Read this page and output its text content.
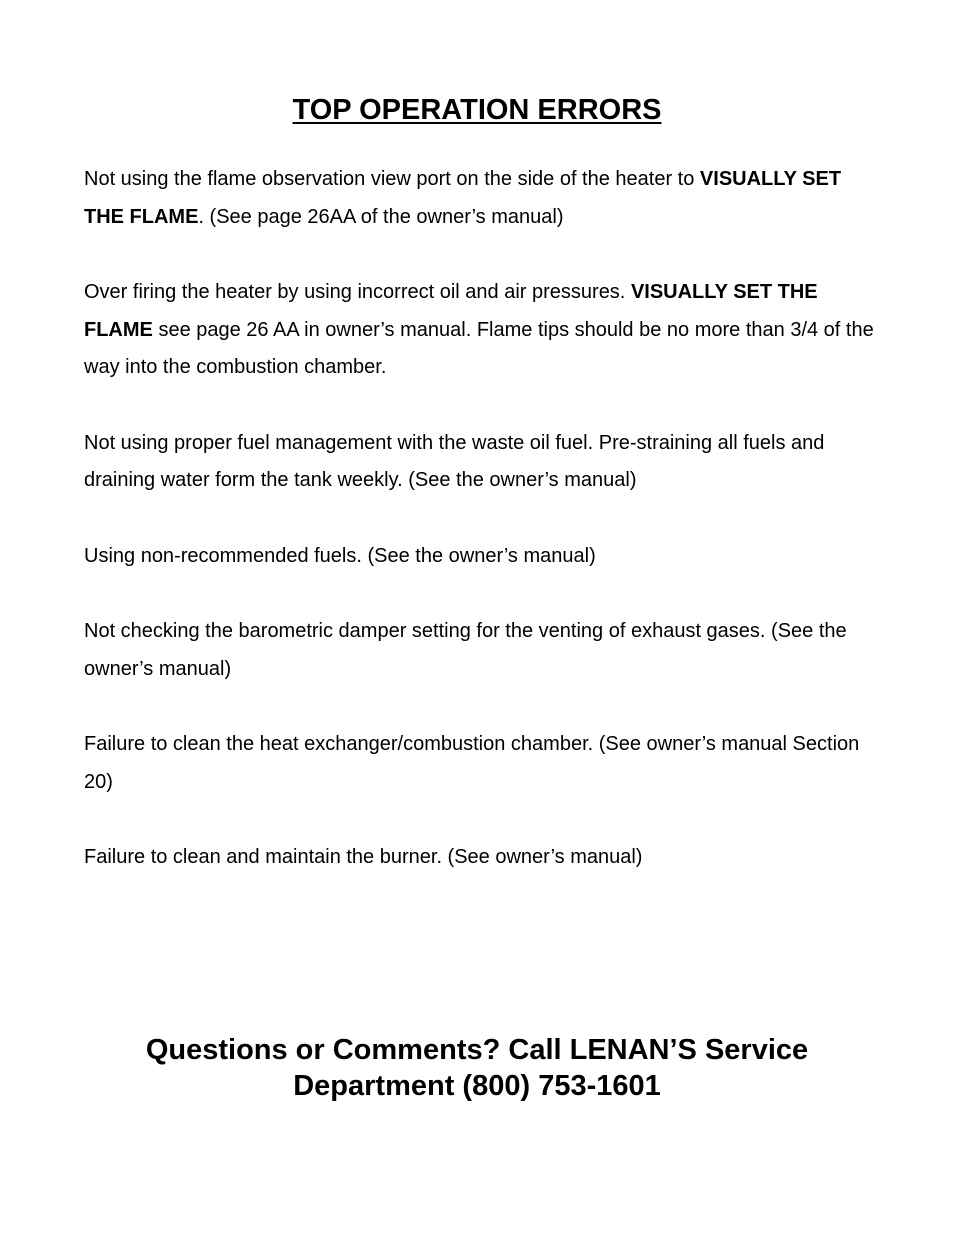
TOP OPERATION ERRORS
Not using the flame observation view port on the side of the heater to VISUALLY SET THE FLAME. (See page 26AA of the owner’s manual)
Over firing the heater by using incorrect oil and air pressures. VISUALLY SET THE FLAME see page 26 AA in owner’s manual. Flame tips should be no more than 3/4 of the way into the combustion chamber.
Not using proper fuel management with the waste oil fuel. Pre-straining all fuels and draining water form the tank weekly. (See the owner’s manual)
Using non-recommended fuels. (See the owner’s manual)
Not checking the barometric damper setting for the venting of exhaust gases. (See the owner’s manual)
Failure to clean the heat exchanger/combustion chamber. (See owner’s manual Section 20)
Failure to clean and maintain the burner. (See owner’s manual)
Questions or Comments? Call LENAN’S Service
Department (800) 753-1601
